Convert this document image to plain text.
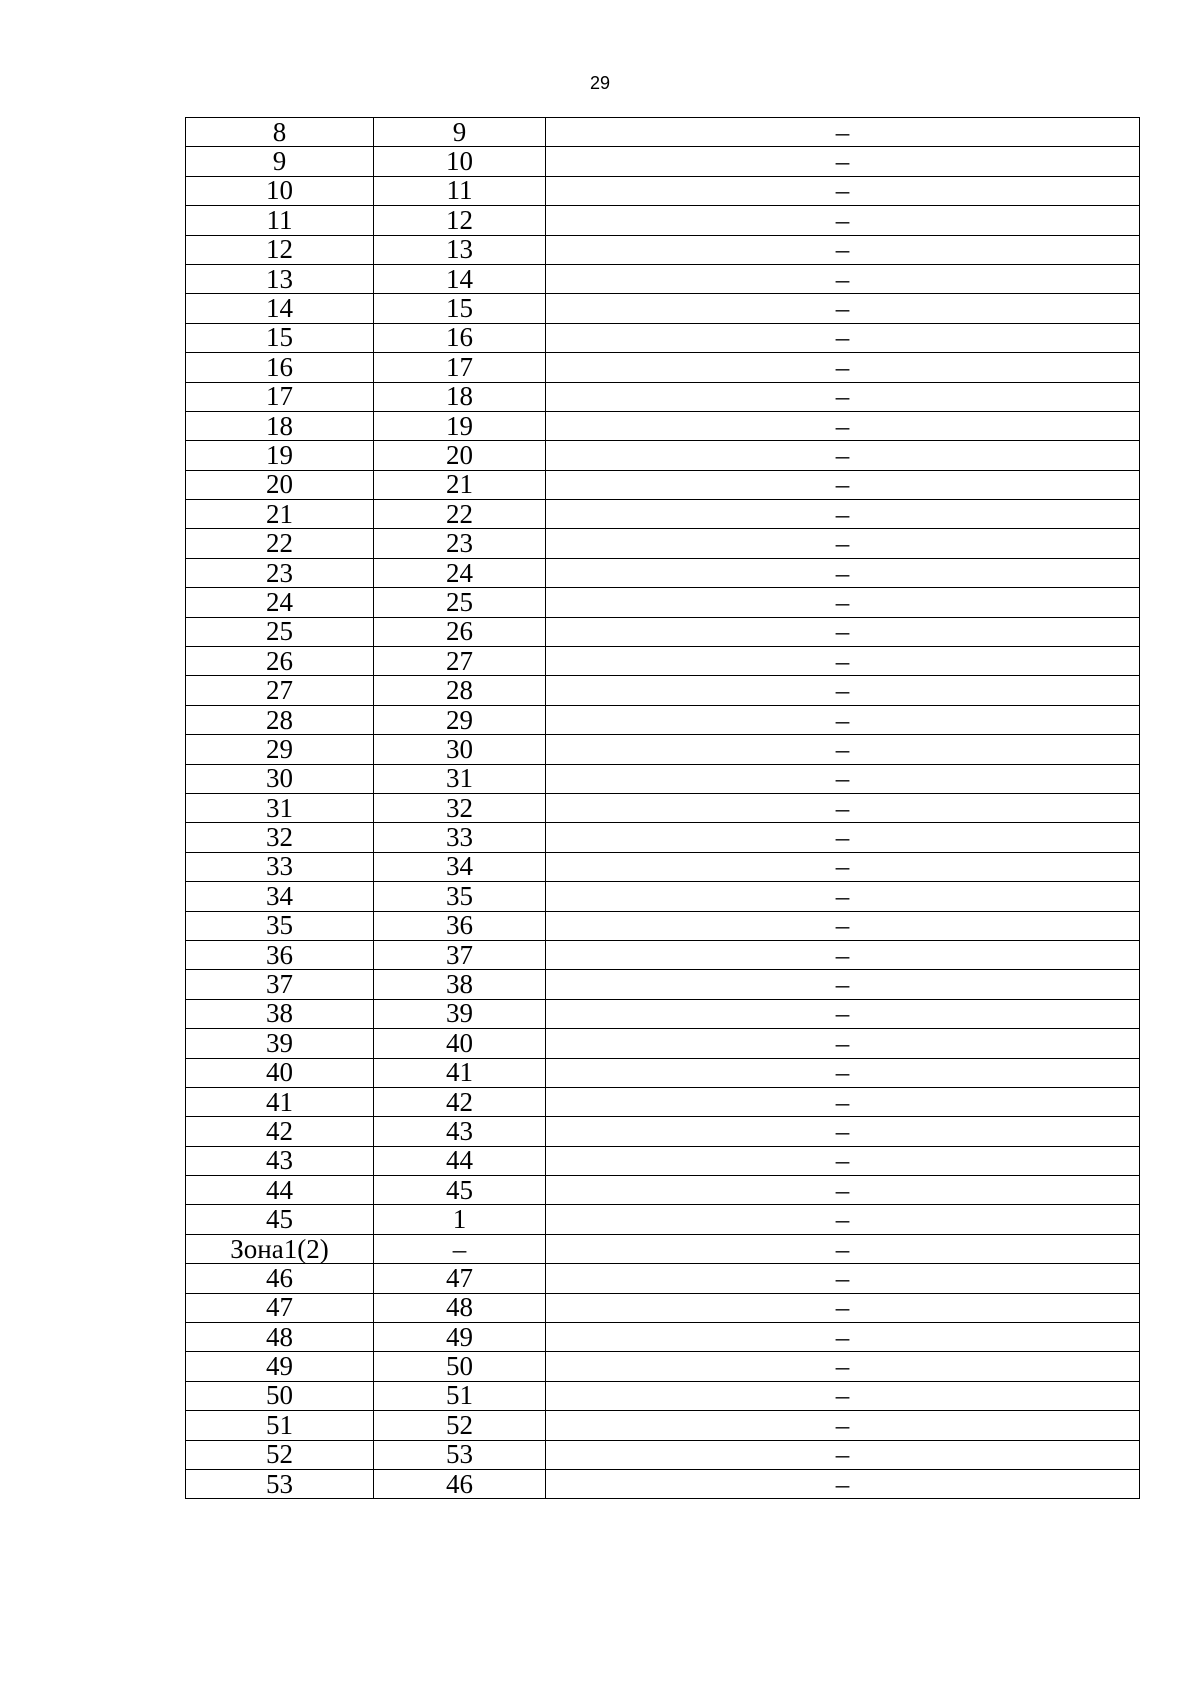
29
8	9	–
9	10	–
10	11	–
11	12	–
12	13	–
13	14	–
14	15	–
15	16	–
16	17	–
17	18	–
18	19	–
19	20	–
20	21	–
21	22	–
22	23	–
23	24	–
24	25	–
25	26	–
26	27	–
27	28	–
28	29	–
29	30	–
30	31	–
31	32	–
32	33	–
33	34	–
34	35	–
35	36	–
36	37	–
37	38	–
38	39	–
39	40	–
40	41	–
41	42	–
42	43	–
43	44	–
44	45	–
45	1	–
Зона1(2)	–	–
46	47	–
47	48	–
48	49	–
49	50	–
50	51	–
51	52	–
52	53	–
53	46	–
